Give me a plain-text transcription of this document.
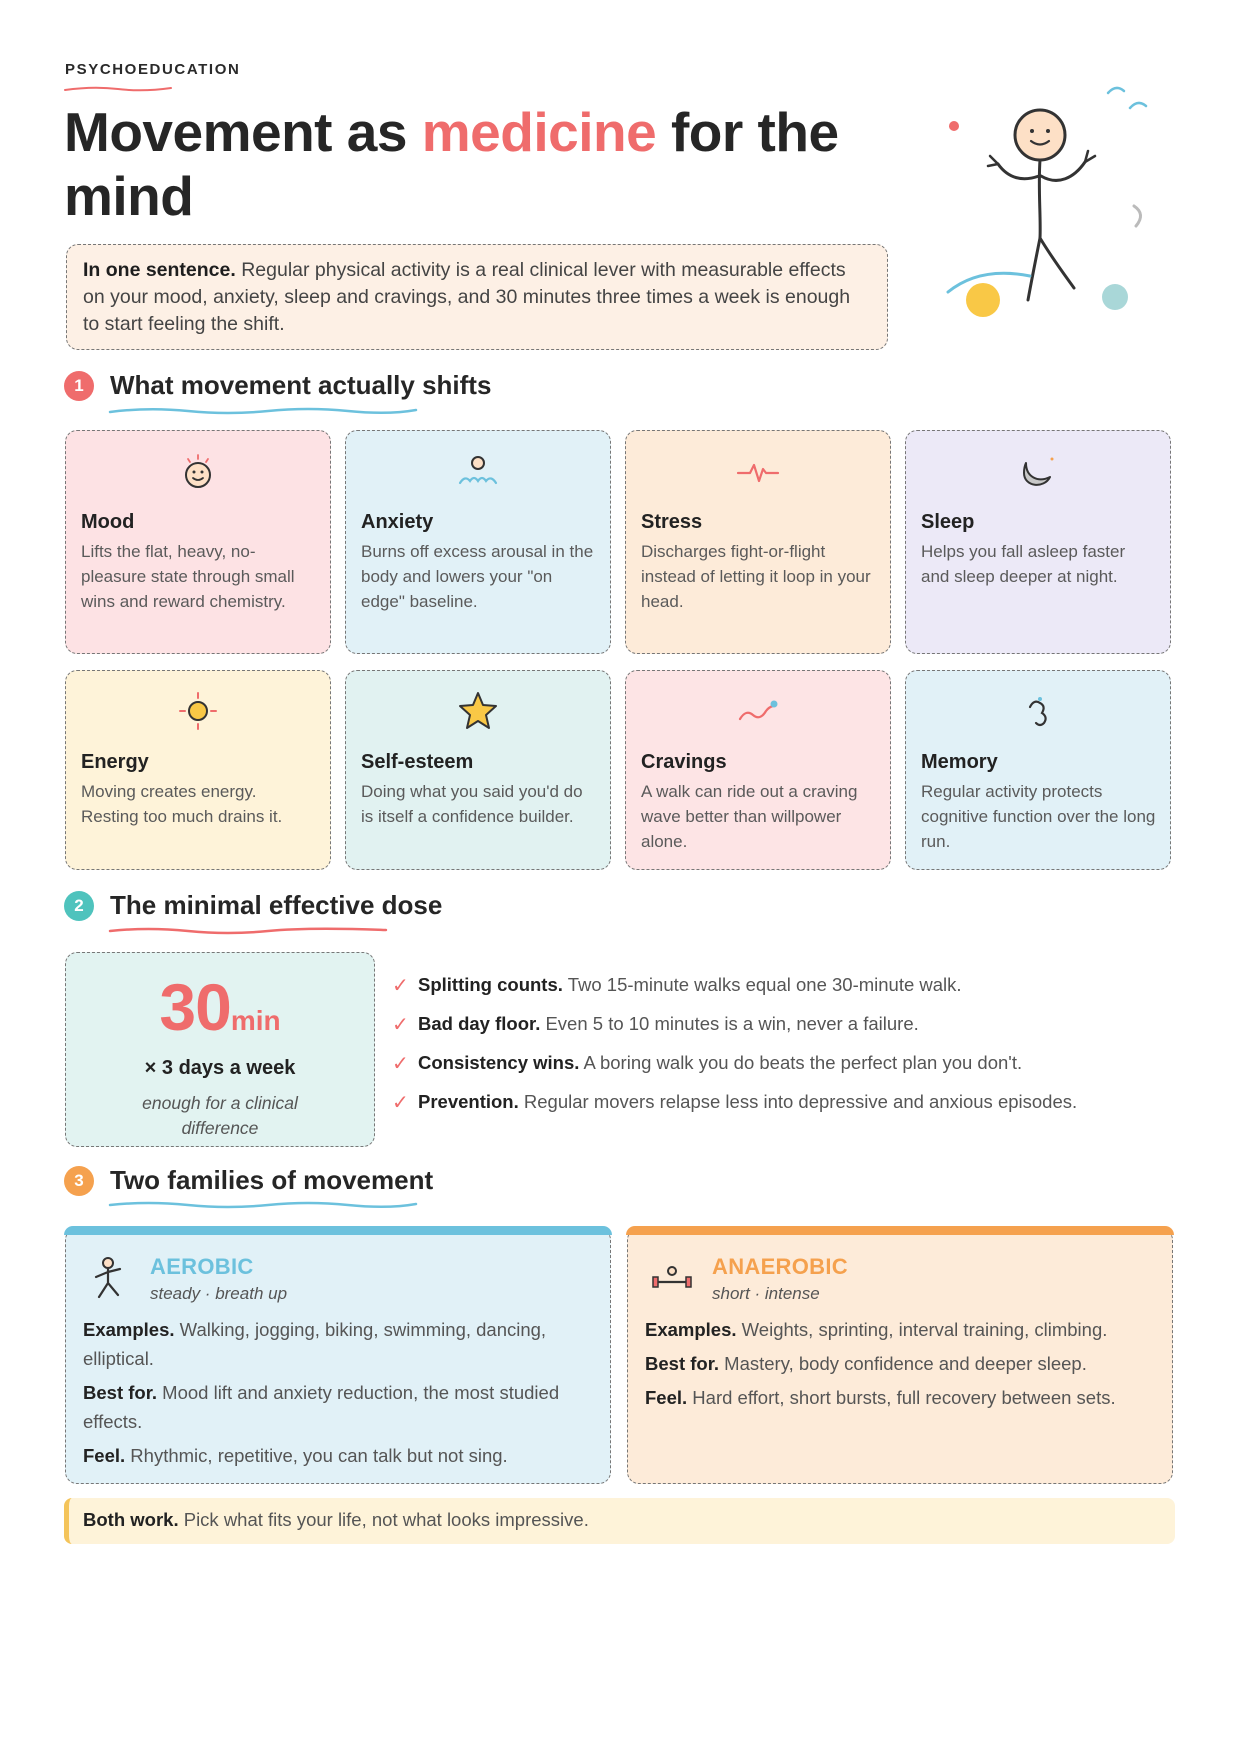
PSYCHOEDUCATION
Movement as medicine for the mind
In one sentence. Regular physical activity is a real clinical lever with measurable effects on your mood, anxiety, sleep and cravings, and 30 minutes three times a week is enough to start feeling the shift.
1	What movement actually shifts
Mood
Lifts the flat, heavy, no-pleasure state through small wins and reward chemistry.
Anxiety
Burns off excess arousal in the body and lowers your "on edge" baseline.
Stress
Discharges fight-or-flight instead of letting it loop in your head.
Sleep
Helps you fall asleep faster and sleep deeper at night.
Energy
Moving creates energy. Resting too much drains it.
Self-esteem
Doing what you said you'd do is itself a confidence builder.
Cravings
A walk can ride out a craving wave better than willpower alone.
Memory
Regular activity protects cognitive function over the long run.
2	The minimal effective dose
30min
× 3 days a week
enough for a clinical difference
✓ Splitting counts. Two 15-minute walks equal one 30-minute walk.
✓ Bad day floor. Even 5 to 10 minutes is a win, never a failure.
✓ Consistency wins. A boring walk you do beats the perfect plan you don't.
✓ Prevention. Regular movers relapse less into depressive and anxious episodes.
3	Two families of movement
AEROBIC
steady · breath up

Examples. Walking, jogging, biking, swimming, dancing, elliptical.

Best for. Mood lift and anxiety reduction, the most studied effects.

Feel. Rhythmic, repetitive, you can talk but not sing.

ANAEROBIC
short · intense

Examples. Weights, sprinting, interval training, climbing.

Best for. Mastery, body confidence and deeper sleep.

Feel. Hard effort, short bursts, full recovery between sets.

Both work. Pick what fits your life, not what looks impressive.
